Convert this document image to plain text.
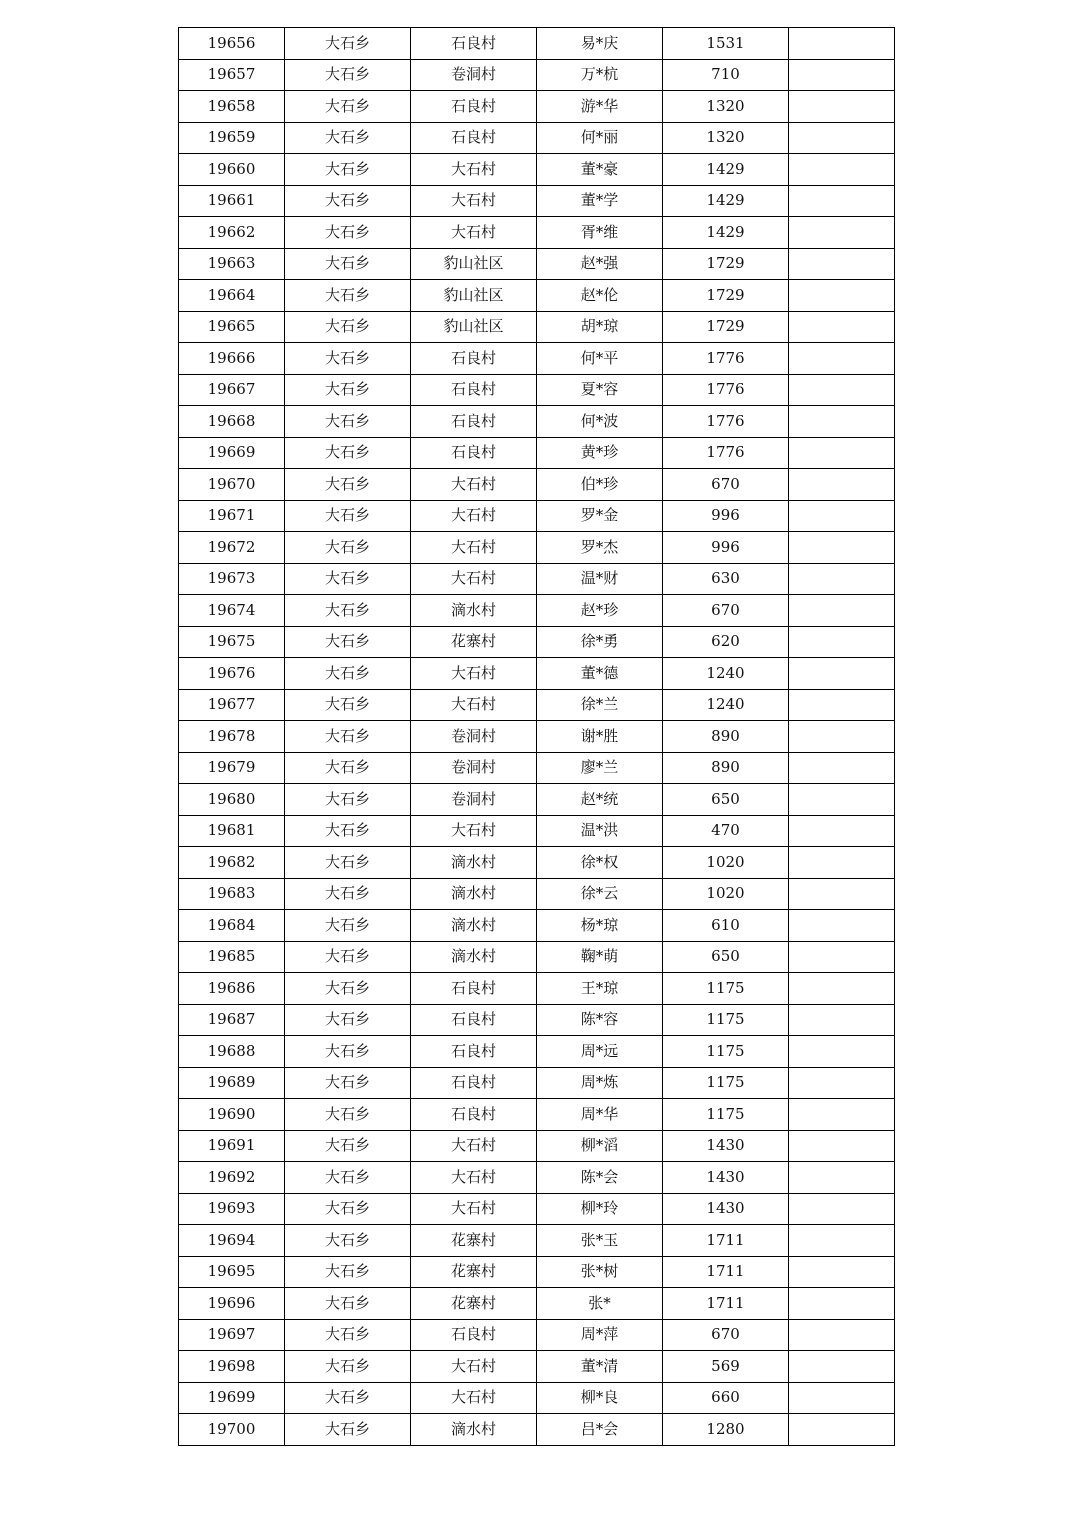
19656	大石乡	石良村	易*庆	1531	
19657	大石乡	卷洞村	万*杭	710	
19658	大石乡	石良村	游*华	1320	
19659	大石乡	石良村	何*丽	1320	
19660	大石乡	大石村	董*豪	1429	
19661	大石乡	大石村	董*学	1429	
19662	大石乡	大石村	胥*维	1429	
19663	大石乡	豹山社区	赵*强	1729	
19664	大石乡	豹山社区	赵*伦	1729	
19665	大石乡	豹山社区	胡*琼	1729	
19666	大石乡	石良村	何*平	1776	
19667	大石乡	石良村	夏*容	1776	
19668	大石乡	石良村	何*波	1776	
19669	大石乡	石良村	黄*珍	1776	
19670	大石乡	大石村	伯*珍	670	
19671	大石乡	大石村	罗*金	996	
19672	大石乡	大石村	罗*杰	996	
19673	大石乡	大石村	温*财	630	
19674	大石乡	滴水村	赵*珍	670	
19675	大石乡	花寨村	徐*勇	620	
19676	大石乡	大石村	董*德	1240	
19677	大石乡	大石村	徐*兰	1240	
19678	大石乡	卷洞村	谢*胜	890	
19679	大石乡	卷洞村	廖*兰	890	
19680	大石乡	卷洞村	赵*统	650	
19681	大石乡	大石村	温*洪	470	
19682	大石乡	滴水村	徐*权	1020	
19683	大石乡	滴水村	徐*云	1020	
19684	大石乡	滴水村	杨*琼	610	
19685	大石乡	滴水村	鞠*萌	650	
19686	大石乡	石良村	王*琼	1175	
19687	大石乡	石良村	陈*容	1175	
19688	大石乡	石良村	周*远	1175	
19689	大石乡	石良村	周*炼	1175	
19690	大石乡	石良村	周*华	1175	
19691	大石乡	大石村	柳*滔	1430	
19692	大石乡	大石村	陈*会	1430	
19693	大石乡	大石村	柳*玲	1430	
19694	大石乡	花寨村	张*玉	1711	
19695	大石乡	花寨村	张*树	1711	
19696	大石乡	花寨村	张*	1711	
19697	大石乡	石良村	周*萍	670	
19698	大石乡	大石村	董*清	569	
19699	大石乡	大石村	柳*良	660	
19700	大石乡	滴水村	吕*会	1280	
